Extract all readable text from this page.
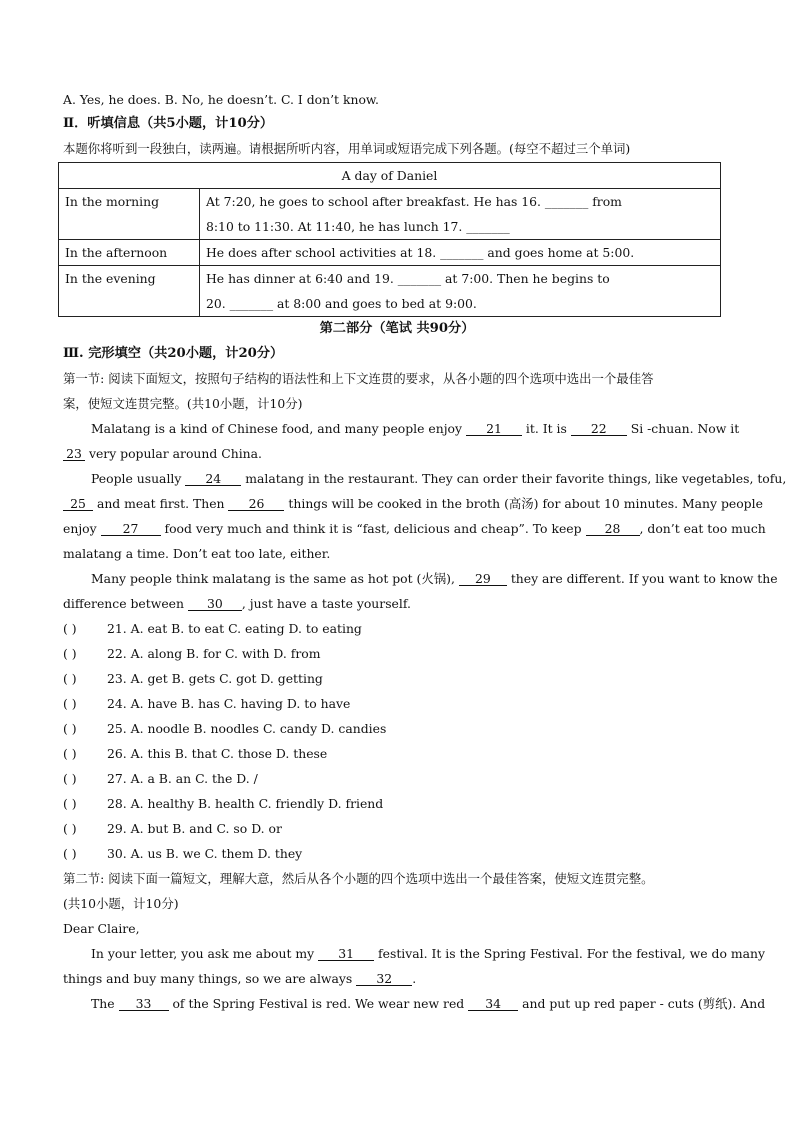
A. Yes, he does. B. No, he doesn’t. C. I don’t know.
Ⅱ．听填信息（共5小题，计10分）
本题你将听到一段独白，读两遍。请根据所听内容，用单词或短语完成下列各题。(每空不超过三个单词)
A day of Daniel	
In the morning	At 7:20, he goes to school after breakfast. He has 16. _______ from
8:10 to 11:30. At 11:40, he has lunch 17. _______

In the afternoon	He does after school activities at 18. _______ and goes home at 5:00.
In the evening	He has dinner at 6:40 and 19. _______ at 7:00. Then he begins to
20. _______ at 8:00 and goes to bed at 9:00.
第二部分（笔试 共90分）
Ⅲ. 完形填空（共20小题，计20分）
第一节: 阅读下面短文，按照句子结构的语法性和上下文连贯的要求，从各小题的四个选项中选出一个最佳答
案，使短文连贯完整。(共10小题，计10分)
Malatang is a kind of Chinese food, and many people enjoy 21 it. It is 22 Si -chuan. Now it
23 very popular around China.
People usually 24 malatang in the restaurant. They can order their favorite things, like vegetables, tofu,
25 and meat first. Then 26 things will be cooked in the broth (高汤) for about 10 minutes. Many people
enjoy 27 food very much and think it is “fast, delicious and cheap”. To keep 28 , don’t eat too much
malatang a time. Don’t eat too late, either.
Many people think malatang is the same as hot pot (火锅), 29 they are different. If you want to know the
difference between 30 , just have a taste yourself.
( ) 21. A. eat B. to eat C. eating D. to eating
( ) 22. A. along B. for C. with D. from
( ) 23. A. get B. gets C. got D. getting
( ) 24. A. have B. has C. having D. to have
( ) 25. A. noodle B. noodles C. candy D. candies
( ) 26. A. this B. that C. those D. these
( ) 27. A. a B. an C. the D. /
( ) 28. A. healthy B. health C. friendly D. friend
( ) 29. A. but B. and C. so D. or
( ) 30. A. us B. we C. them D. they
第二节: 阅读下面一篇短文，理解大意，然后从各个小题的四个选项中选出一个最佳答案，使短文连贯完整。
(共10小题，计10分)
Dear Claire,
In your letter, you ask me about my 31 festival. It is the Spring Festival. For the festival, we do many
things and buy many things, so we are always 32 .
The 33 of the Spring Festival is red. We wear new red 34 and put up red paper - cuts (剪纸). And
